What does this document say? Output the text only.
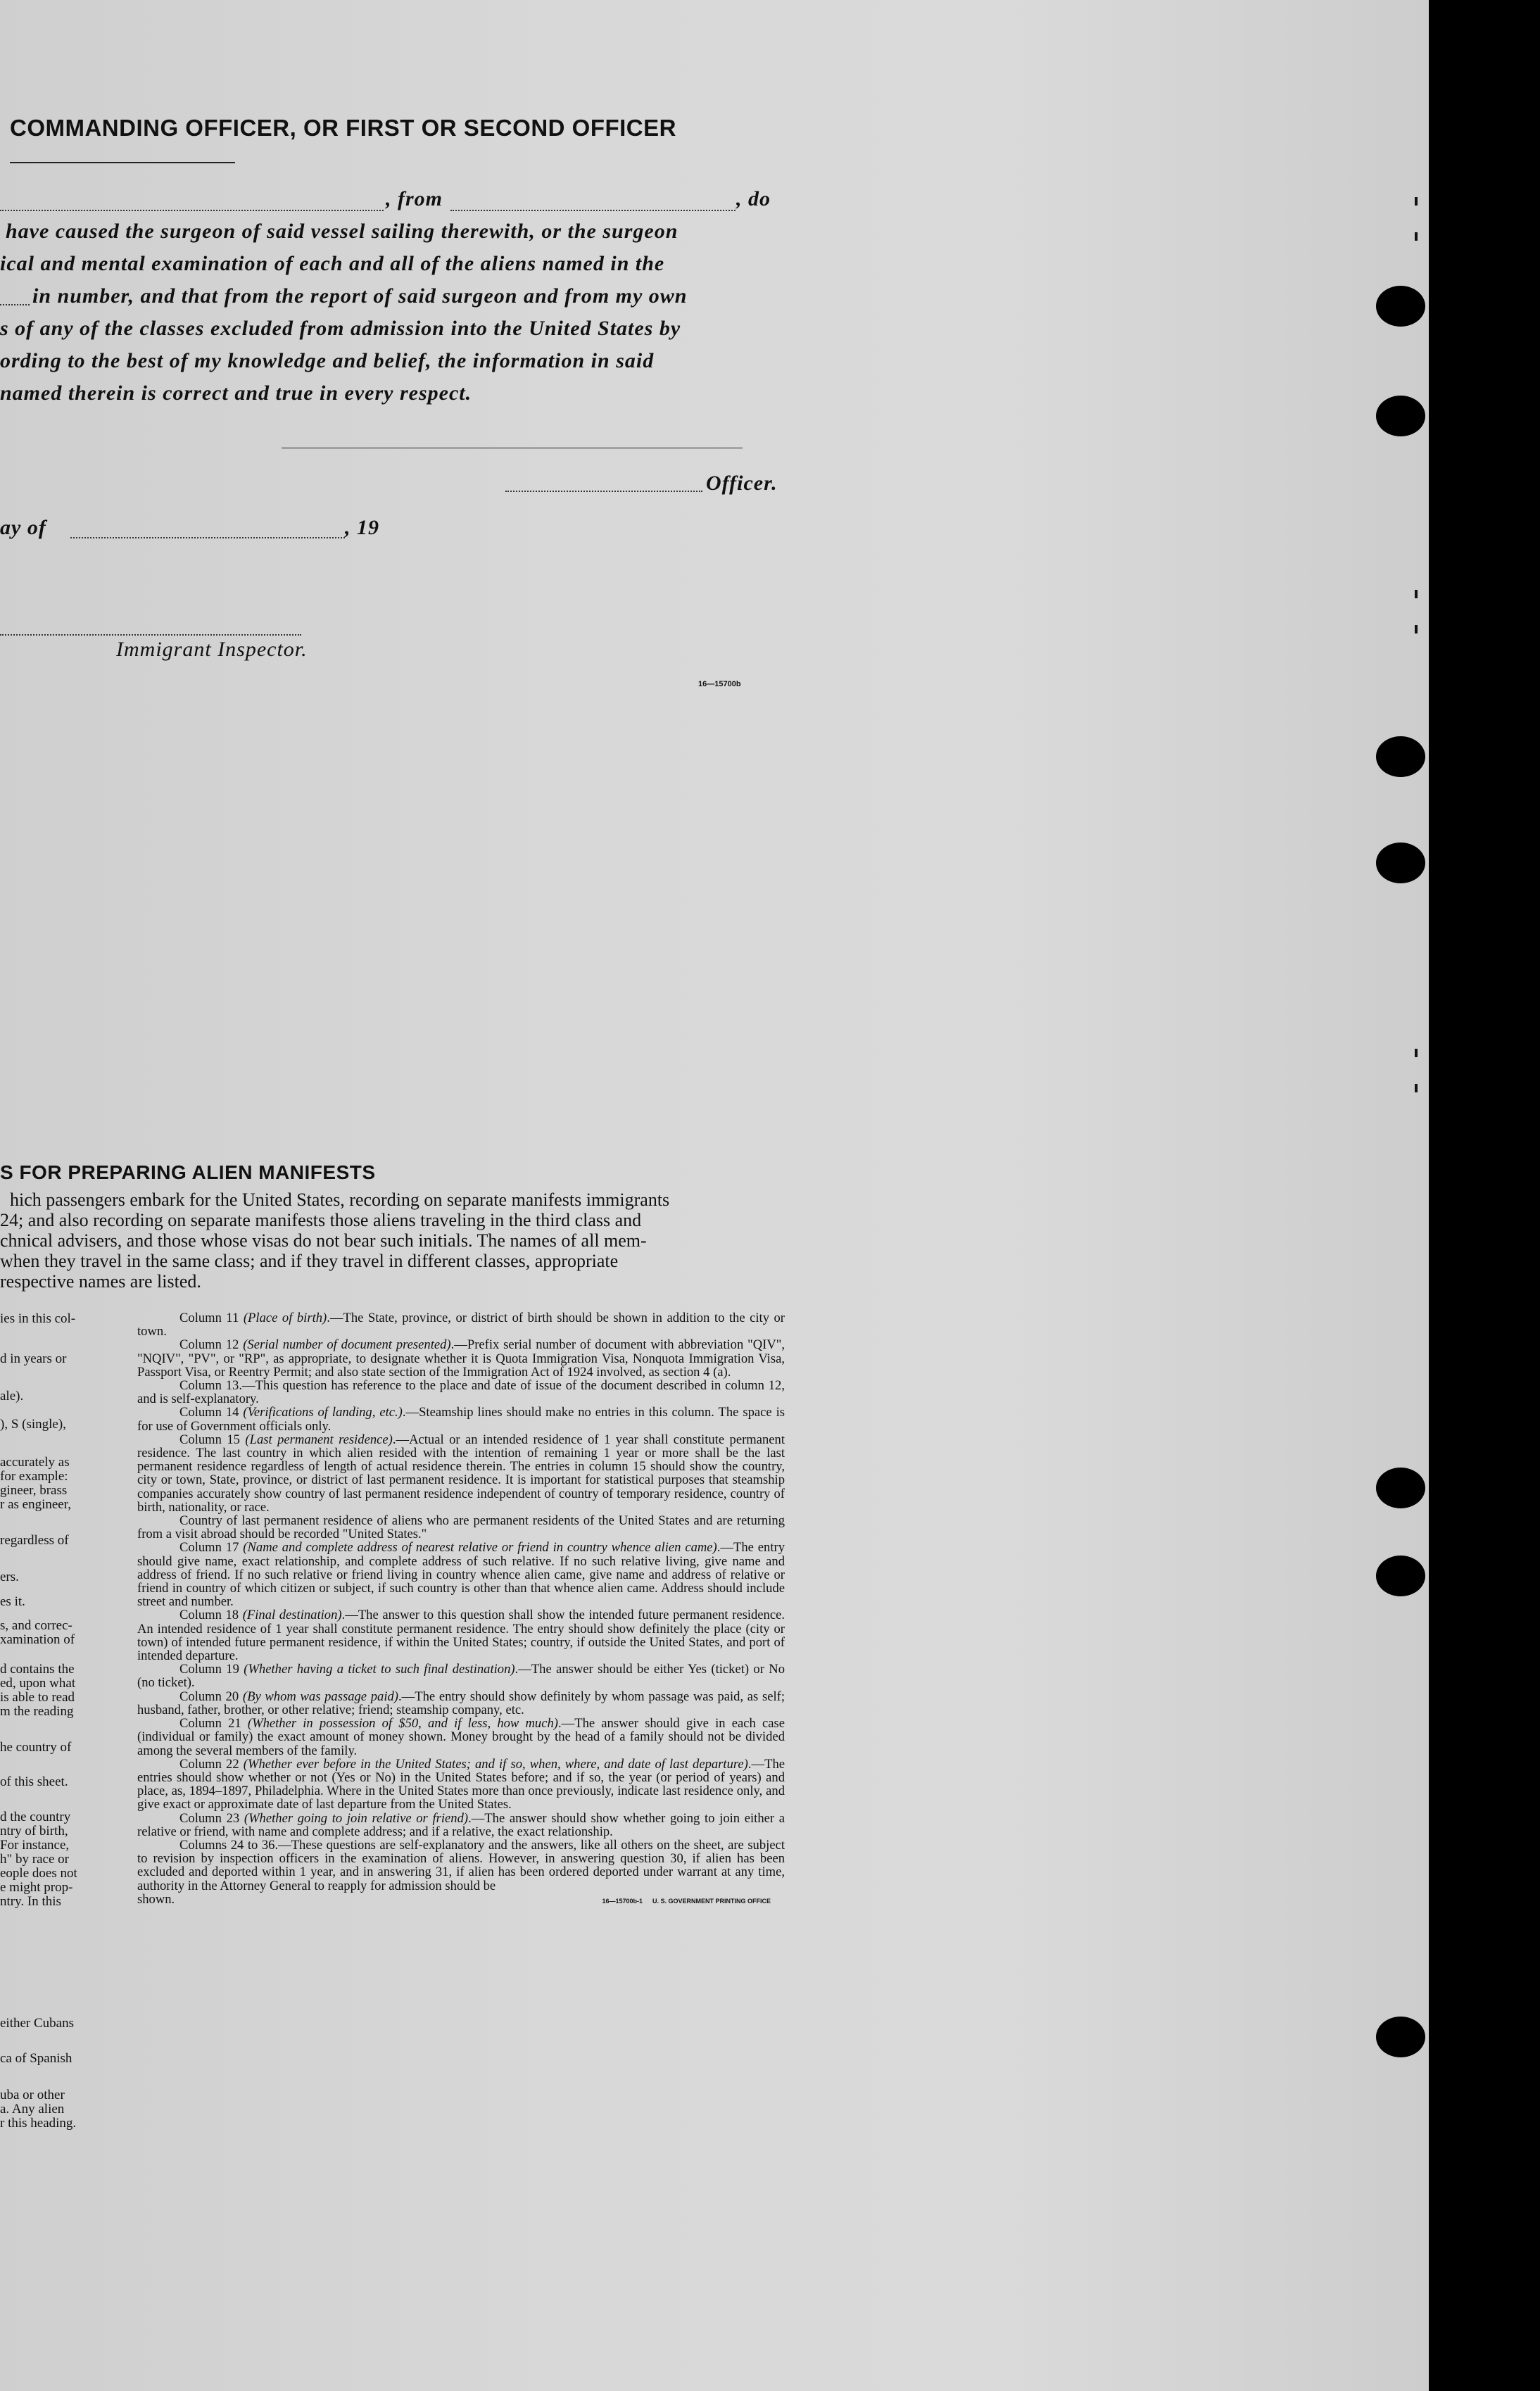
COMMANDING OFFICER, OR FIRST OR SECOND OFFICER
, from	, do
have caused the surgeon of said vessel sailing therewith, or the surgeon
ical and mental examination of each and all of the aliens named in the
in number, and that from the report of said surgeon and from my own
s of any of the classes excluded from admission into the United States by
ording to the best of my knowledge and belief, the information in said
named therein is correct and true in every respect.
Officer.
ay of	, 19
Immigrant Inspector.
16—15700b
S FOR PREPARING ALIEN MANIFESTS
hich passengers embark for the United States, recording on separate manifests immigrants
24; and also recording on separate manifests those aliens traveling in the third class and
chnical advisers, and those whose visas do not bear such initials. The names of all mem-
when they travel in the same class; and if they travel in different classes, appropriate
respective names are listed.
ies in this col-
d in years or
ale).
), S (single),
accurately as
for example:
gineer, brass
r as engineer,
regardless of
ers.
es it.
s, and correc-
xamination of
d contains the
ed, upon what
is able to read
m the reading
he country of
of this sheet.
d the country
ntry of birth,
For instance,
h" by race or
eople does not
e might prop-
ntry. In this
either Cubans
ca of Spanish
uba or other
a. Any alien
r this heading.

Column 11 (Place of birth).—The State, province, or district of birth should be shown in addition to the city or town.

Column 12 (Serial number of document presented).—Prefix serial number of document with abbreviation "QIV", "NQIV", "PV", or "RP", as appropriate, to designate whether it is Quota Immigration Visa, Nonquota Immigration Visa, Passport Visa, or Reentry Permit; and also state section of the Immigration Act of 1924 involved, as section 4 (a).

Column 13.—This question has reference to the place and date of issue of the document described in column 12, and is self-explanatory.

Column 14 (Verifications of landing, etc.).—Steamship lines should make no entries in this column. The space is for use of Government officials only.

Column 15 (Last permanent residence).—Actual or an intended residence of 1 year shall constitute permanent residence. The last country in which alien resided with the intention of remaining 1 year or more shall be the last permanent residence regardless of length of actual residence therein. The entries in column 15 should show the country, city or town, State, province, or district of last permanent residence. It is important for statistical purposes that steamship companies accurately show country of last permanent residence independent of country of temporary residence, country of birth, nationality, or race.

Country of last permanent residence of aliens who are permanent residents of the United States and are returning from a visit abroad should be recorded "United States."

Column 17 (Name and complete address of nearest relative or friend in country whence alien came).—The entry should give name, exact relationship, and complete address of such relative. If no such relative living, give name and address of friend. If no such relative or friend living in country whence alien came, give name and address of relative or friend in country of which citizen or subject, if such country is other than that whence alien came. Address should include street and number.

Column 18 (Final destination).—The answer to this question shall show the intended future permanent residence. An intended residence of 1 year shall constitute permanent residence. The entry should show definitely the place (city or town) of intended future permanent residence, if within the United States; country, if outside the United States, and port of intended departure.

Column 19 (Whether having a ticket to such final destination).—The answer should be either Yes (ticket) or No (no ticket).

Column 20 (By whom was passage paid).—The entry should show definitely by whom passage was paid, as self; husband, father, brother, or other relative; friend; steamship company, etc.

Column 21 (Whether in possession of $50, and if less, how much).—The answer should give in each case (individual or family) the exact amount of money shown. Money brought by the head of a family should not be divided among the several members of the family.

Column 22 (Whether ever before in the United States; and if so, when, where, and date of last departure).—The entries should show whether or not (Yes or No) in the United States before; and if so, the year (or period of years) and place, as, 1894–1897, Philadelphia. Where in the United States more than once previously, indicate last residence only, and give exact or approximate date of last departure from the United States.

Column 23 (Whether going to join relative or friend).—The answer should show whether going to join either a relative or friend, with name and complete address; and if a relative, the exact relationship.

Columns 24 to 36.—These questions are self-explanatory and the answers, like all others on the sheet, are subject to revision by inspection officers in the examination of aliens. However, in answering question 30, if alien has been excluded and deported within 1 year, and in answering 31, if alien has been ordered deported under warrant at any time, authority in the Attorney General to reapply for admission should be

shown.	16—15700b-1 U. S. GOVERNMENT PRINTING OFFICE
